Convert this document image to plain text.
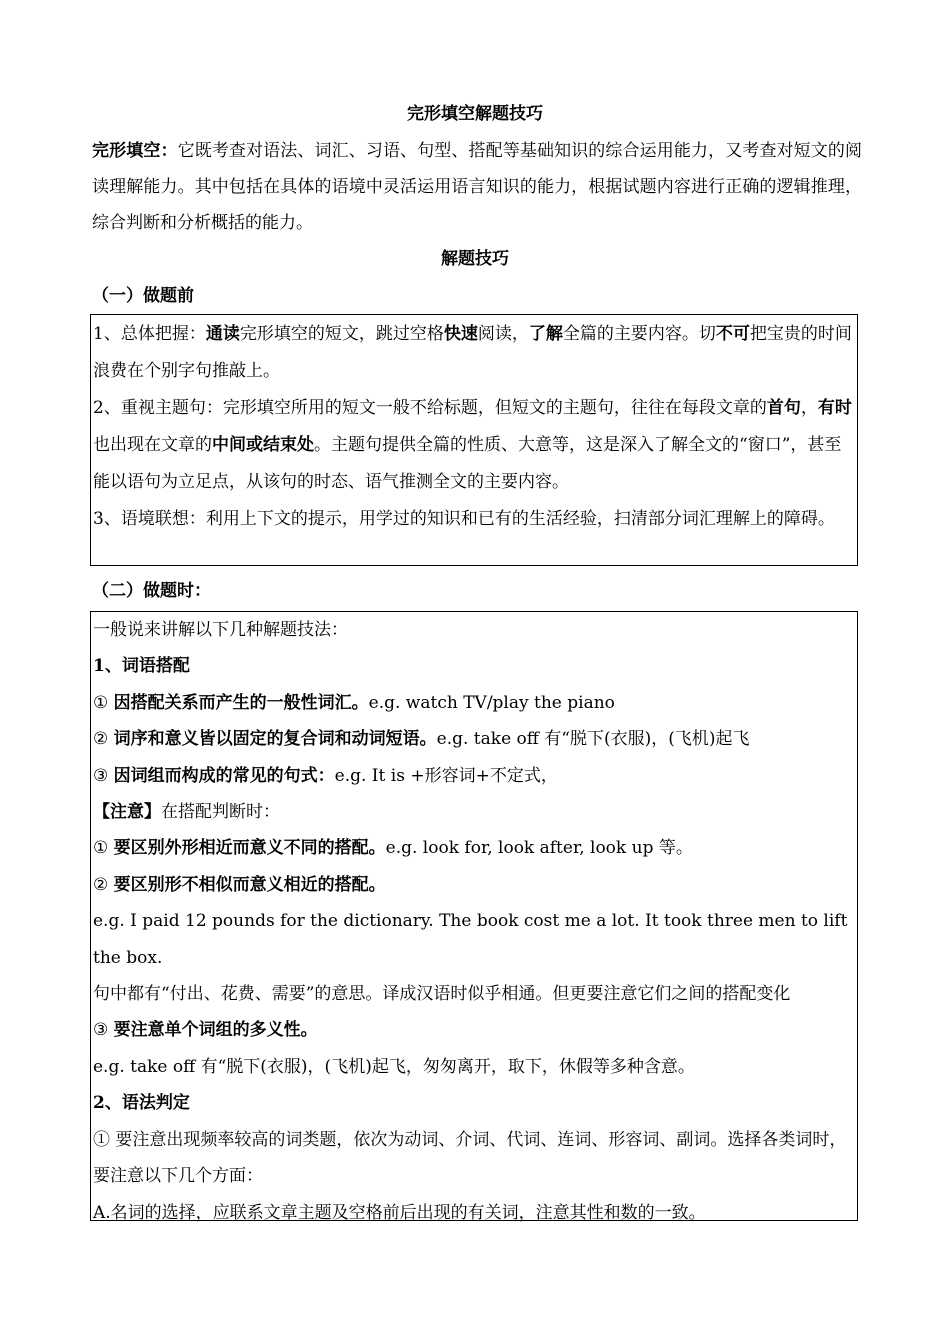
完形填空解题技巧
完形填空：它既考查对语法、词汇、习语、句型、搭配等基础知识的综合运用能力，又考查对短文的阅读理解能力。其中包括在具体的语境中灵活运用语言知识的能力，根据试题内容进行正确的逻辑推理，综合判断和分析概括的能力。
解题技巧
（一）做题前

1、总体把握：通读完形填空的短文，跳过空格快速阅读，了解全篇的主要内容。切不可把宝贵的时间浪费在个别字句推敲上。

2、重视主题句：完形填空所用的短文一般不给标题，但短文的主题句，往往在每段文章的首句，有时也出现在文章的中间或结束处。主题句提供全篇的性质、大意等，这是深入了解全文的“窗口”，甚至能以语句为立足点，从该句的时态、语气推测全文的主要内容。

3、语境联想：利用上下文的提示，用学过的知识和已有的生活经验，扫清部分词汇理解上的障碍。

（二）做题时：

一般说来讲解以下几种解题技法：

1、词语搭配

① 因搭配关系而产生的一般性词汇。e.g. watch TV/play the piano

② 词序和意义皆以固定的复合词和动词短语。e.g. take off 有“脱下(衣服)，(飞机)起飞

③ 因词组而构成的常见的句式：e.g. It is +形容词+不定式，

【注意】在搭配判断时：

① 要区别外形相近而意义不同的搭配。e.g. look for, look after, look up 等。

② 要区别形不相似而意义相近的搭配。

e.g. I paid 12 pounds for the dictionary. The book cost me a lot. It took three men to lift the box.

句中都有“付出、花费、需要”的意思。译成汉语时似乎相通。但更要注意它们之间的搭配变化

③ 要注意单个词组的多义性。

e.g. take off 有“脱下(衣服)，(飞机)起飞，匆匆离开，取下，休假等多种含意。

2、语法判定

① 要注意出现频率较高的词类题，依次为动词、介词、代词、连词、形容词、副词。选择各类词时，要注意以下几个方面：

A.名词的选择，应联系文章主题及空格前后出现的有关词，注意其性和数的一致。
